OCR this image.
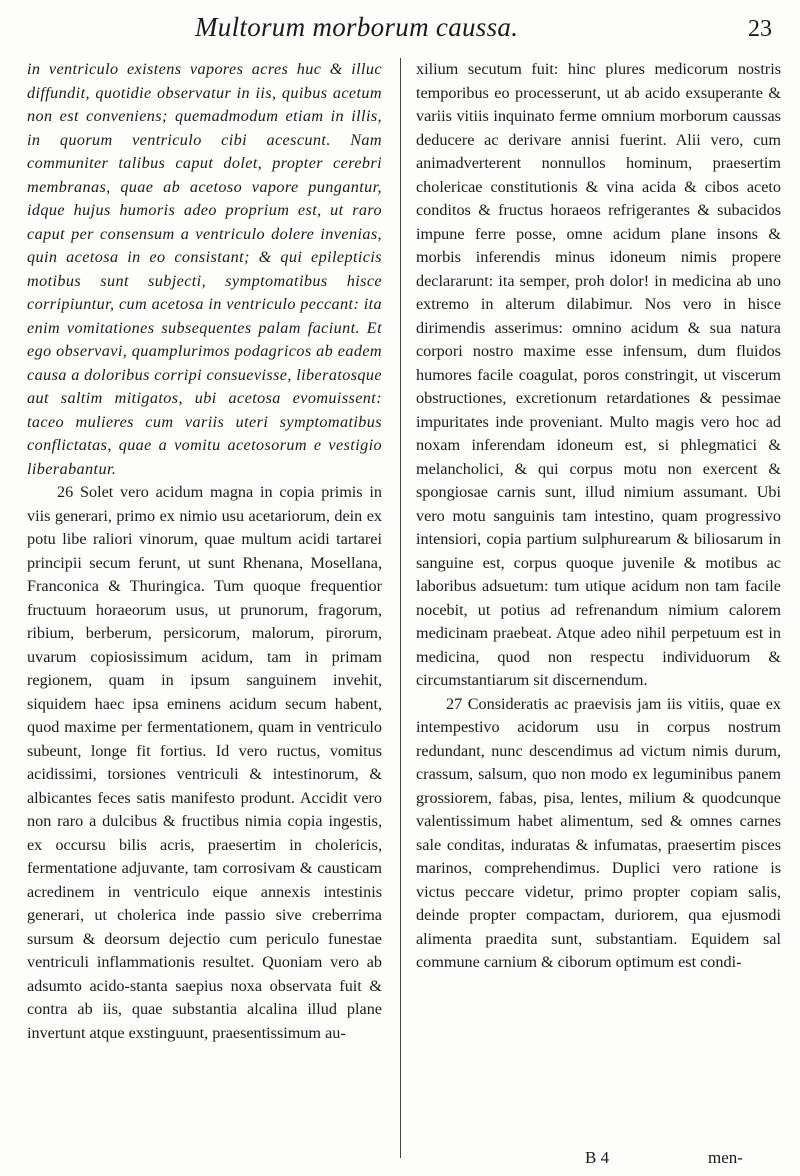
Multorum morborum caussa.	23

in ventriculo existens vapores acres huc & illuc diffundit, quotidie observatur in iis, quibus acetum non est conveniens; quemadmodum etiam in illis, in quorum ventriculo cibi acescunt. Nam communiter talibus caput dolet, propter cerebri membranas, quae ab acetoso vapore pungantur, idque hujus humoris adeo proprium est, ut raro caput per consensum a ventriculo dolere invenias, quin acetosa in eo consistant; & qui epilepticis motibus sunt subjecti, symptomatibus hisce corripiuntur, cum acetosa in ventriculo peccant: ita enim vomitationes subsequentes palam faciunt. Et ego observavi, quamplurimos podagricos ab eadem causa a doloribus corripi consuevisse, liberatosque aut saltim mitigatos, ubi acetosa evomuissent: taceo mulieres cum variis uteri symptomatibus conflictatas, quae a vomitu acetosorum e vestigio liberabantur.

26 Solet vero acidum magna in copia primis in viis generari, primo ex nimio usu acetariorum, dein ex potu libe raliori vinorum, quae multum acidi tartarei principii secum ferunt, ut sunt Rhenana, Mosellana, Franconica & Thuringica. Tum quoque frequentior fructuum horaeorum usus, ut prunorum, fragorum, ribium, berberum, persicorum, malorum, pirorum, uvarum copiosissimum acidum, tam in primam regionem, quam in ipsum sanguinem invehit, siquidem haec ipsa eminens acidum secum habent, quod maxime per fermentationem, quam in ventriculo subeunt, longe fit fortius. Id vero ructus, vomitus acidissimi, torsiones ventriculi & intestinorum, & albicantes feces satis manifesto produnt. Accidit vero non raro a dulcibus & fructibus nimia copia ingestis, ex occursu bilis acris, praesertim in cholericis, fermentatione adjuvante, tam corrosivam & causticam acredinem in ventriculo eique annexis intestinis generari, ut cholerica inde passio sive creberrima sursum & deorsum dejectio cum periculo funestae ventriculi inflammationis resultet. Quoniam vero ab adsumto acido-stanta saepius noxa observata fuit & contra ab iis, quae substantia alcalina illud plane invertunt atque exstinguunt, praesentissimum au-

xilium secutum fuit: hinc plures medicorum nostris temporibus eo processerunt, ut ab acido exsuperante & variis vitiis inquinato ferme omnium morborum caussas deducere ac derivare annisi fuerint. Alii vero, cum animadverterent nonnullos hominum, praesertim cholericae constitutionis & vina acida & cibos aceto conditos & fructus horaeos refrigerantes & subacidos impune ferre posse, omne acidum plane insons & morbis inferendis minus idoneum nimis propere declararunt: ita semper, proh dolor! in medicina ab uno extremo in alterum dilabimur. Nos vero in hisce dirimendis asserimus: omnino acidum & sua natura corpori nostro maxime esse infensum, dum fluidos humores facile coagulat, poros constringit, ut viscerum obstructiones, excretionum retardationes & pessimae impuritates inde proveniant. Multo magis vero hoc ad noxam inferendam idoneum est, si phlegmatici & melancholici, & qui corpus motu non exercent & spongiosae carnis sunt, illud nimium assumant. Ubi vero motu sanguinis tam intestino, quam progressivo intensiori, copia partium sulphurearum & biliosarum in sanguine est, corpus quoque juvenile & motibus ac laboribus adsuetum: tum utique acidum non tam facile nocebit, ut potius ad refrenandum nimium calorem medicinam praebeat. Atque adeo nihil perpetuum est in medicina, quod non respectu individuorum & circumstantiarum sit discernendum.

27 Consideratis ac praevisis jam iis vitiis, quae ex intempestivo acidorum usu in corpus nostrum redundant, nunc descendimus ad victum nimis durum, crassum, salsum, quo non modo ex leguminibus panem grossiorem, fabas, pisa, lentes, milium & quodcunque valentissimum habet alimentum, sed & omnes carnes sale conditas, induratas & infumatas, praesertim pisces marinos, comprehendimus. Duplici vero ratione is victus peccare videtur, primo propter copiam salis, deinde propter compactam, duriorem, qua ejusmodi alimenta praedita sunt, substantiam. Equidem sal commune carnium & ciborum optimum est condi-

B 4	men-
